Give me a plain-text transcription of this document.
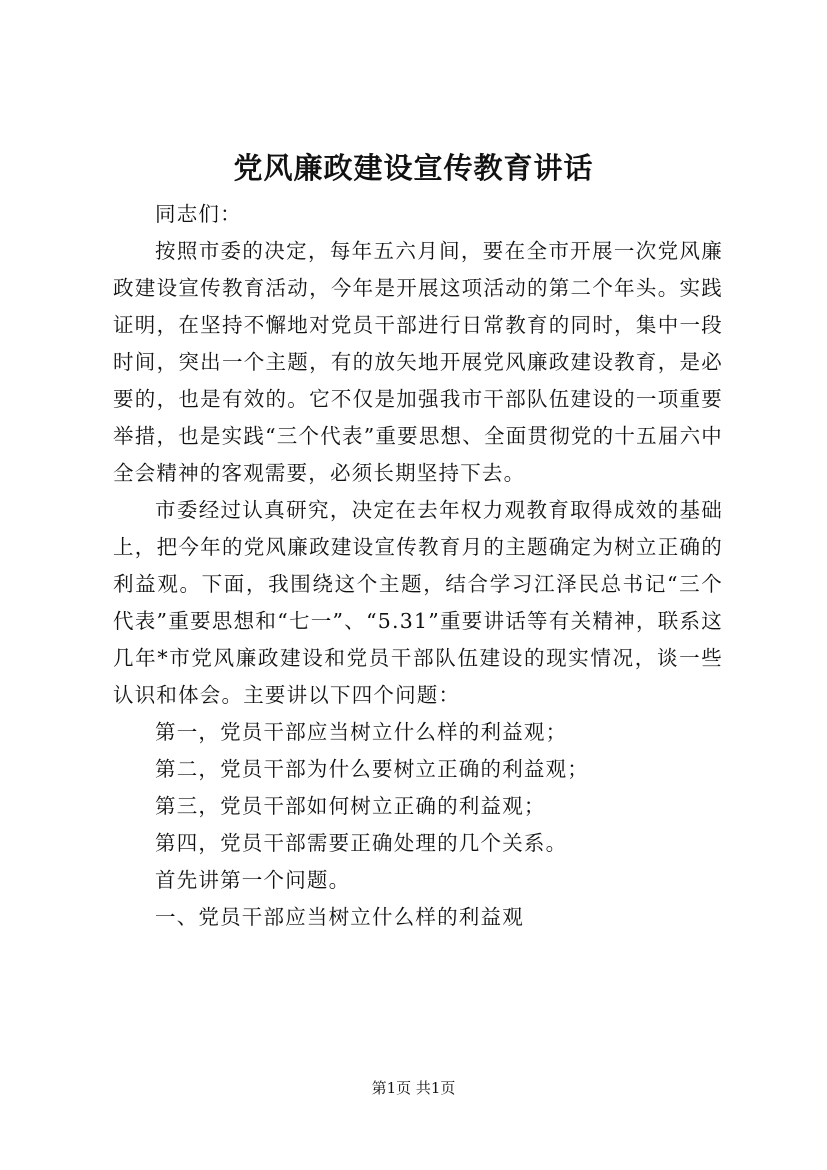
党风廉政建设宣传教育讲话

同志们：

按照市委的决定，每年五六月间，要在全市开展一次党风廉政建设宣传教育活动，今年是开展这项活动的第二个年头。实践证明，在坚持不懈地对党员干部进行日常教育的同时，集中一段时间，突出一个主题，有的放矢地开展党风廉政建设教育，是必要的，也是有效的。它不仅是加强我市干部队伍建设的一项重要举措，也是实践“三个代表”重要思想、全面贯彻党的十五届六中全会精神的客观需要，必须长期坚持下去。

市委经过认真研究，决定在去年权力观教育取得成效的基础上，把今年的党风廉政建设宣传教育月的主题确定为树立正确的利益观。下面，我围绕这个主题，结合学习江泽民总书记“三个代表”重要思想和“七一”、“5.31”重要讲话等有关精神，联系这几年*市党风廉政建设和党员干部队伍建设的现实情况，谈一些认识和体会。主要讲以下四个问题：

第一，党员干部应当树立什么样的利益观；

第二，党员干部为什么要树立正确的利益观；

第三，党员干部如何树立正确的利益观；

第四，党员干部需要正确处理的几个关系。

首先讲第一个问题。

一、党员干部应当树立什么样的利益观

第1页 共1页
